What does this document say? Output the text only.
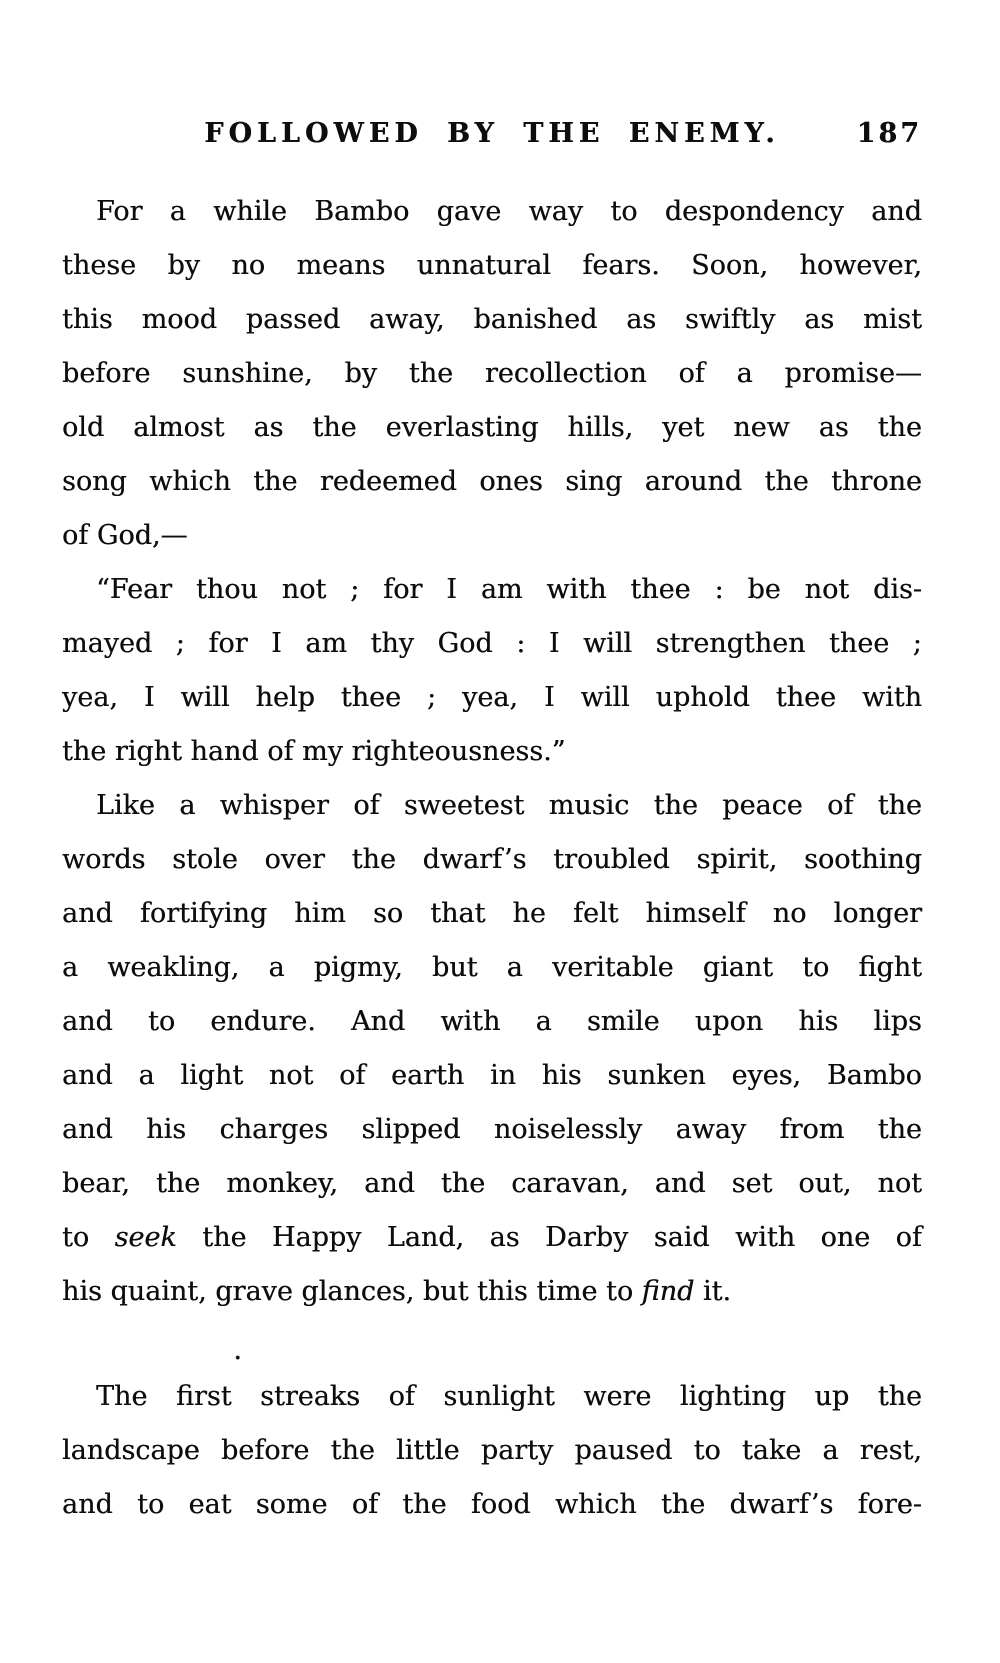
FOLLOWED BY THE ENEMY.	187
For a while Bambo gave way to despondency and
these by no means unnatural fears. Soon, however,
this mood passed away, banished as swiftly as mist
before sunshine, by the recollection of a promise—
old almost as the everlasting hills, yet new as the
song which the redeemed ones sing around the throne
of God,—
“Fear thou not ; for I am with thee : be not dis-
mayed ; for I am thy God : I will strengthen thee ;
yea, I will help thee ; yea, I will uphold thee with
the right hand of my righteousness.”
Like a whisper of sweetest music the peace of the
words stole over the dwarf’s troubled spirit, soothing
and fortifying him so that he felt himself no longer
a weakling, a pigmy, but a veritable giant to fight
and to endure. And with a smile upon his lips
and a light not of earth in his sunken eyes, Bambo
and his charges slipped noiselessly away from the
bear, the monkey, and the caravan, and set out, not
to seek the Happy Land, as Darby said with one of
his quaint, grave glances, but this time to find it.
The first streaks of sunlight were lighting up the
landscape before the little party paused to take a rest,
and to eat some of the food which the dwarf’s fore-
·
